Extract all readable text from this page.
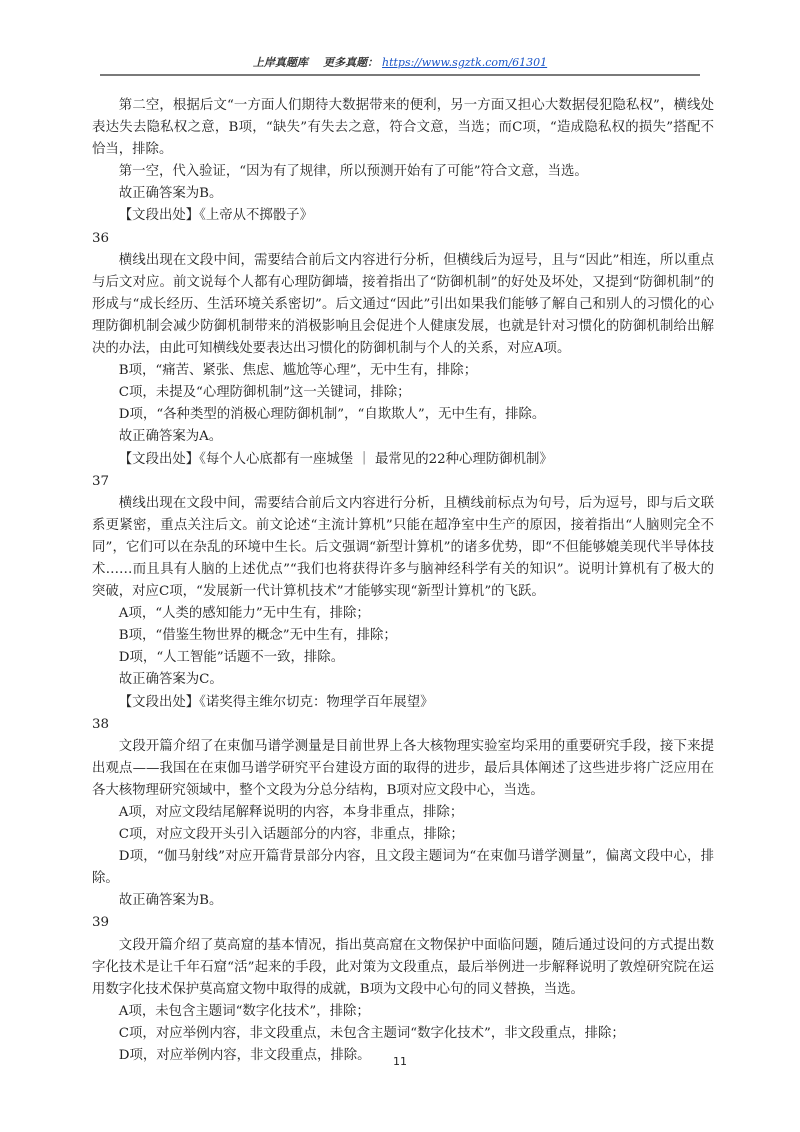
上岸真题库 更多真题： https://www.sgztk.com/61301

第二空，根据后文“一方面人们期待大数据带来的便利，另一方面又担心大数据侵犯隐私权”，横线处表达失去隐私权之意，B项，“缺失”有失去之意，符合文意，当选；而C项，“造成隐私权的损失”搭配不恰当，排除。

第一空，代入验证，“因为有了规律，所以预测开始有了可能”符合文意，当选。

故正确答案为B。

【文段出处】《上帝从不掷骰子》

36

横线出现在文段中间，需要结合前后文内容进行分析，但横线后为逗号，且与“因此”相连，所以重点与后文对应。前文说每个人都有心理防御墙，接着指出了“防御机制”的好处及坏处，又提到“防御机制”的形成与“成长经历、生活环境关系密切”。后文通过“因此”引出如果我们能够了解自己和别人的习惯化的心理防御机制会减少防御机制带来的消极影响且会促进个人健康发展，也就是针对习惯化的防御机制给出解决的办法，由此可知横线处要表达出习惯化的防御机制与个人的关系，对应A项。

B项，“痛苦、紧张、焦虑、尴尬等心理”，无中生有，排除；

C项，未提及“心理防御机制”这一关键词，排除；

D项，“各种类型的消极心理防御机制”，“自欺欺人”，无中生有，排除。

故正确答案为A。

【文段出处】《每个人心底都有一座城堡 ｜ 最常见的22种心理防御机制》

37

横线出现在文段中间，需要结合前后文内容进行分析，且横线前标点为句号，后为逗号，即与后文联系更紧密，重点关注后文。前文论述“主流计算机”只能在超净室中生产的原因，接着指出“人脑则完全不同”，它们可以在杂乱的环境中生长。后文强调“新型计算机”的诸多优势，即“不但能够媲美现代半导体技术……而且具有人脑的上述优点”“我们也将获得许多与脑神经科学有关的知识”。说明计算机有了极大的突破，对应C项，“发展新一代计算机技术”才能够实现“新型计算机”的飞跃。

A项，“人类的感知能力”无中生有，排除；

B项，“借鉴生物世界的概念”无中生有，排除；

D项，“人工智能”话题不一致，排除。

故正确答案为C。

【文段出处】《诺奖得主维尔切克：物理学百年展望》

38

文段开篇介绍了在束伽马谱学测量是目前世界上各大核物理实验室均采用的重要研究手段，接下来提出观点——我国在在束伽马谱学研究平台建设方面的取得的进步，最后具体阐述了这些进步将广泛应用在各大核物理研究领域中，整个文段为分总分结构，B项对应文段中心，当选。

A项，对应文段结尾解释说明的内容，本身非重点，排除；

C项，对应文段开头引入话题部分的内容，非重点，排除；

D项，“伽马射线”对应开篇背景部分内容，且文段主题词为“在束伽马谱学测量”，偏离文段中心，排除。

故正确答案为B。

39

文段开篇介绍了莫高窟的基本情况，指出莫高窟在文物保护中面临问题，随后通过设问的方式提出数字化技术是让千年石窟“活”起来的手段，此对策为文段重点，最后举例进一步解释说明了敦煌研究院在运用数字化技术保护莫高窟文物中取得的成就，B项为文段中心句的同义替换，当选。

A项，未包含主题词“数字化技术”，排除；

C项，对应举例内容，非文段重点，未包含主题词“数字化技术”，非文段重点，排除；

D项，对应举例内容，非文段重点，排除。	11
